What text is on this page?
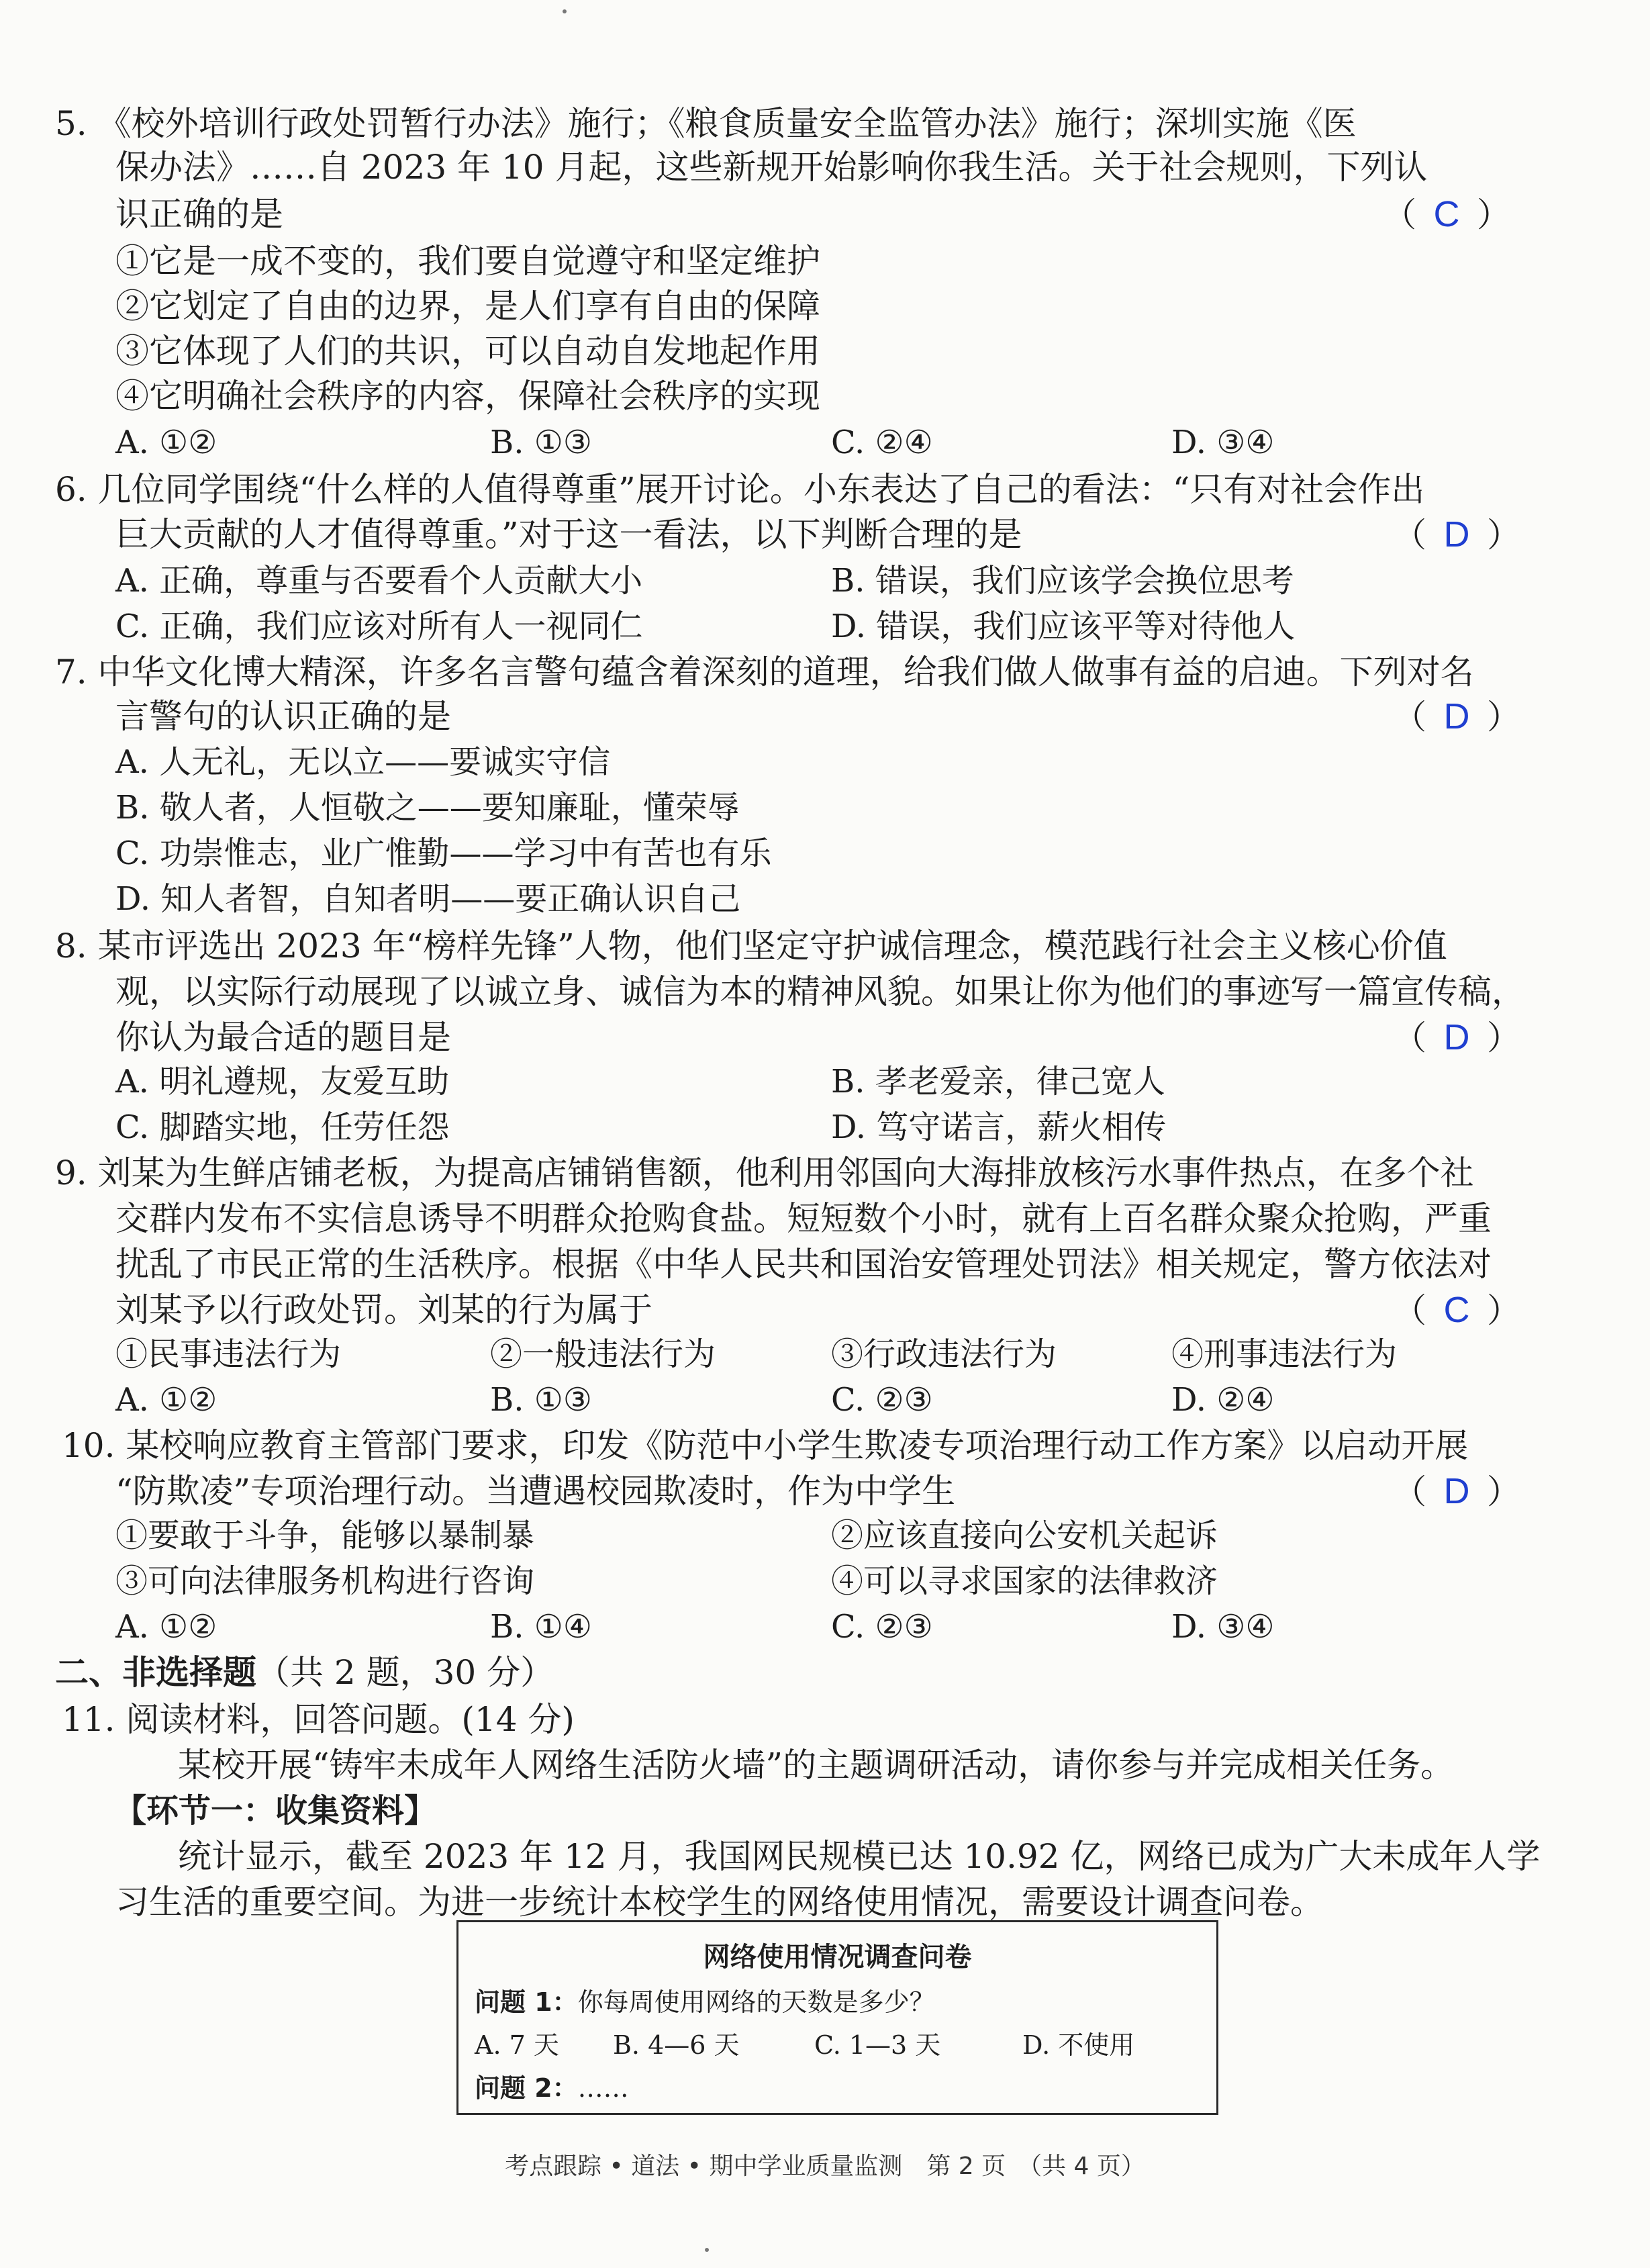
5. 《校外培训行政处罚暂行办法》施行；《粮食质量安全监管办法》施行；深圳实施《医
保办法》……自 2023 年 10 月起，这些新规开始影响你我生活。关于社会规则，下列认
识正确的是	（ C ）
①它是一成不变的，我们要自觉遵守和坚定维护
②它划定了自由的边界，是人们享有自由的保障
③它体现了人们的共识，可以自动自发地起作用
④它明确社会秩序的内容，保障社会秩序的实现
A. ①②	B. ①③	C. ②④	D. ③④
6. 几位同学围绕“什么样的人值得尊重”展开讨论。小东表达了自己的看法：“只有对社会作出
巨大贡献的人才值得尊重。”对于这一看法，以下判断合理的是	（ D ）
A. 正确，尊重与否要看个人贡献大小	B. 错误，我们应该学会换位思考
C. 正确，我们应该对所有人一视同仁	D. 错误，我们应该平等对待他人
7. 中华文化博大精深，许多名言警句蕴含着深刻的道理，给我们做人做事有益的启迪。下列对名
言警句的认识正确的是	（ D ）
A. 人无礼，无以立——要诚实守信
B. 敬人者，人恒敬之——要知廉耻，懂荣辱
C. 功崇惟志，业广惟勤——学习中有苦也有乐
D. 知人者智，自知者明——要正确认识自己
8. 某市评选出 2023 年“榜样先锋”人物，他们坚定守护诚信理念，模范践行社会主义核心价值
观，以实际行动展现了以诚立身、诚信为本的精神风貌。如果让你为他们的事迹写一篇宣传稿，
你认为最合适的题目是	（ D ）
A. 明礼遵规，友爱互助	B. 孝老爱亲，律己宽人
C. 脚踏实地，任劳任怨	D. 笃守诺言，薪火相传
9. 刘某为生鲜店铺老板，为提高店铺销售额，他利用邻国向大海排放核污水事件热点，在多个社
交群内发布不实信息诱导不明群众抢购食盐。短短数个小时，就有上百名群众聚众抢购，严重
扰乱了市民正常的生活秩序。根据《中华人民共和国治安管理处罚法》相关规定，警方依法对
刘某予以行政处罚。刘某的行为属于	（ C ）
①民事违法行为	②一般违法行为	③行政违法行为	④刑事违法行为
A. ①②	B. ①③	C. ②③	D. ②④
10. 某校响应教育主管部门要求，印发《防范中小学生欺凌专项治理行动工作方案》以启动开展
“防欺凌”专项治理行动。当遭遇校园欺凌时，作为中学生	（ D ）
①要敢于斗争，能够以暴制暴	②应该直接向公安机关起诉
③可向法律服务机构进行咨询	④可以寻求国家的法律救济
A. ①②	B. ①④	C. ②③	D. ③④
二、非选择题（共 2 题，30 分）
11. 阅读材料，回答问题。(14 分)
某校开展“铸牢未成年人网络生活防火墙”的主题调研活动，请你参与并完成相关任务。
【环节一：收集资料】
统计显示，截至 2023 年 12 月，我国网民规模已达 10.92 亿，网络已成为广大未成年人学
习生活的重要空间。为进一步统计本校学生的网络使用情况，需要设计调查问卷。
网络使用情况调查问卷
问题 1：你每周使用网络的天数是多少？
A. 7 天 B. 4—6 天	C. 1—3 天	D. 不使用
问题 2：……
考点跟踪 • 道法 • 期中学业质量监测　第 2 页　（共 4 页）
